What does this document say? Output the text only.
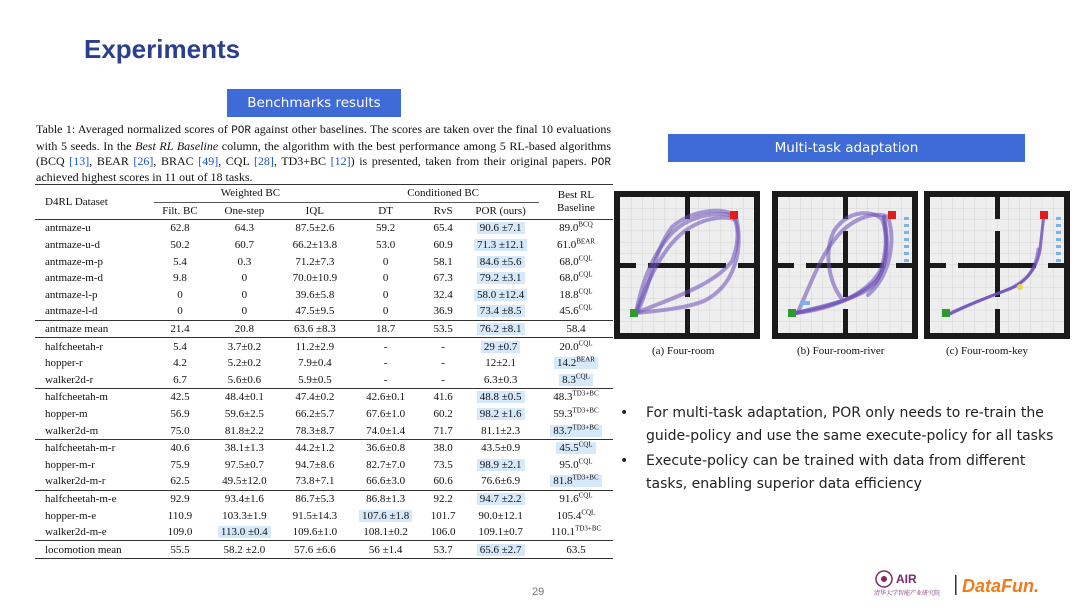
Experiments
Benchmarks results
Multi-task adaptation
Table 1: Averaged normalized scores of POR against other baselines. The scores are taken over the final 10 evaluations with 5 seeds. In the Best RL Baseline column, the algorithm with the best performance among 5 RL-based algorithms (BCQ [13], BEAR [26], BRAC [49], CQL [28], TD3+BC [12]) is presented, taken from their original papers. POR achieved highest scores in 11 out of 18 tasks.
D4RL Dataset	Weighted BC			Conditioned BC			Best RL
Baseline
	Filt. BC	One-step	IQL	DT	RvS	POR (ours)	
antmaze-u	62.8	64.3	87.5±2.6	59.2	65.4	90.6 ±7.1	$89.0^{BCQ}$
antmaze-u-d	50.2	60.7	66.2±13.8	53.0	60.9	71.3 ±12.1	$61.0^{BEAR}$
antmaze-m-p	5.4	0.3	71.2±7.3	0	58.1	84.6 ±5.6	$68.0^{CQL}$
antmaze-m-d	9.8	0	70.0±10.9	0	67.3	79.2 ±3.1	$68.0^{CQL}$
antmaze-l-p	0	0	39.6±5.8	0	32.4	58.0 ±12.4	$18.8^{CQL}$
antmaze-l-d	0	0	47.5±9.5	0	36.9	73.4 ±8.5	$45.6^{CQL}$
antmaze mean	21.4	20.8	63.6 ±8.3	18.7	53.5	76.2 ±8.1	58.4
halfcheetah-r	5.4	3.7±0.2	11.2±2.9	-	-	29 ±0.7	$20.0^{CQL}$
hopper-r	4.2	5.2±0.2	7.9±0.4	-	-	12±2.1	$14.2^{BEAR}$
walker2d-r	6.7	5.6±0.6	5.9±0.5	-	-	6.3±0.3	$8.3^{CQL}$
halfcheetah-m	42.5	48.4±0.1	47.4±0.2	42.6±0.1	41.6	48.8 ±0.5	$48.3^{TD3+BC}$
hopper-m	56.9	59.6±2.5	66.2±5.7	67.6±1.0	60.2	98.2 ±1.6	$59.3^{TD3+BC}$
walker2d-m	75.0	81.8±2.2	78.3±8.7	74.0±1.4	71.7	81.1±2.3	$83.7^{TD3+BC}$
halfcheetah-m-r	40.6	38.1±1.3	44.2±1.2	36.6±0.8	38.0	43.5±0.9	$45.5^{CQL}$
hopper-m-r	75.9	97.5±0.7	94.7±8.6	82.7±7.0	73.5	98.9 ±2.1	$95.0^{CQL}$
walker2d-m-r	62.5	49.5±12.0	73.8+7.1	66.6±3.0	60.6	76.6±6.9	$81.8^{TD3+BC}$
halfcheetah-m-e	92.9	93.4±1.6	86.7±5.3	86.8±1.3	92.2	94.7 ±2.2	$91.6^{CQL}$
hopper-m-e	110.9	103.3±1.9	91.5±14.3	107.6 ±1.8	101.7	90.0±12.1	$105.4^{CQL}$
walker2d-m-e	109.0	113.0 ±0.4	109.6±1.0	108.1±0.2	106.0	109.1±0.7	$110.1^{TD3+BC}$
locomotion mean	55.5	58.2 ±2.0	57.6 ±6.6	56 ±1.4	53.7	65.6 ±2.7	63.5
(a) Four-room	(b) Four-room-river	(c) Four-room-key
•	For multi-task adaptation, POR only needs to re-train the guide-policy and use the same execute-policy for all tasks
•	Execute-policy can be trained with data from different tasks, enabling superior data efficiency
29
AIR
清华大学智能产业研究院 DataFun.
